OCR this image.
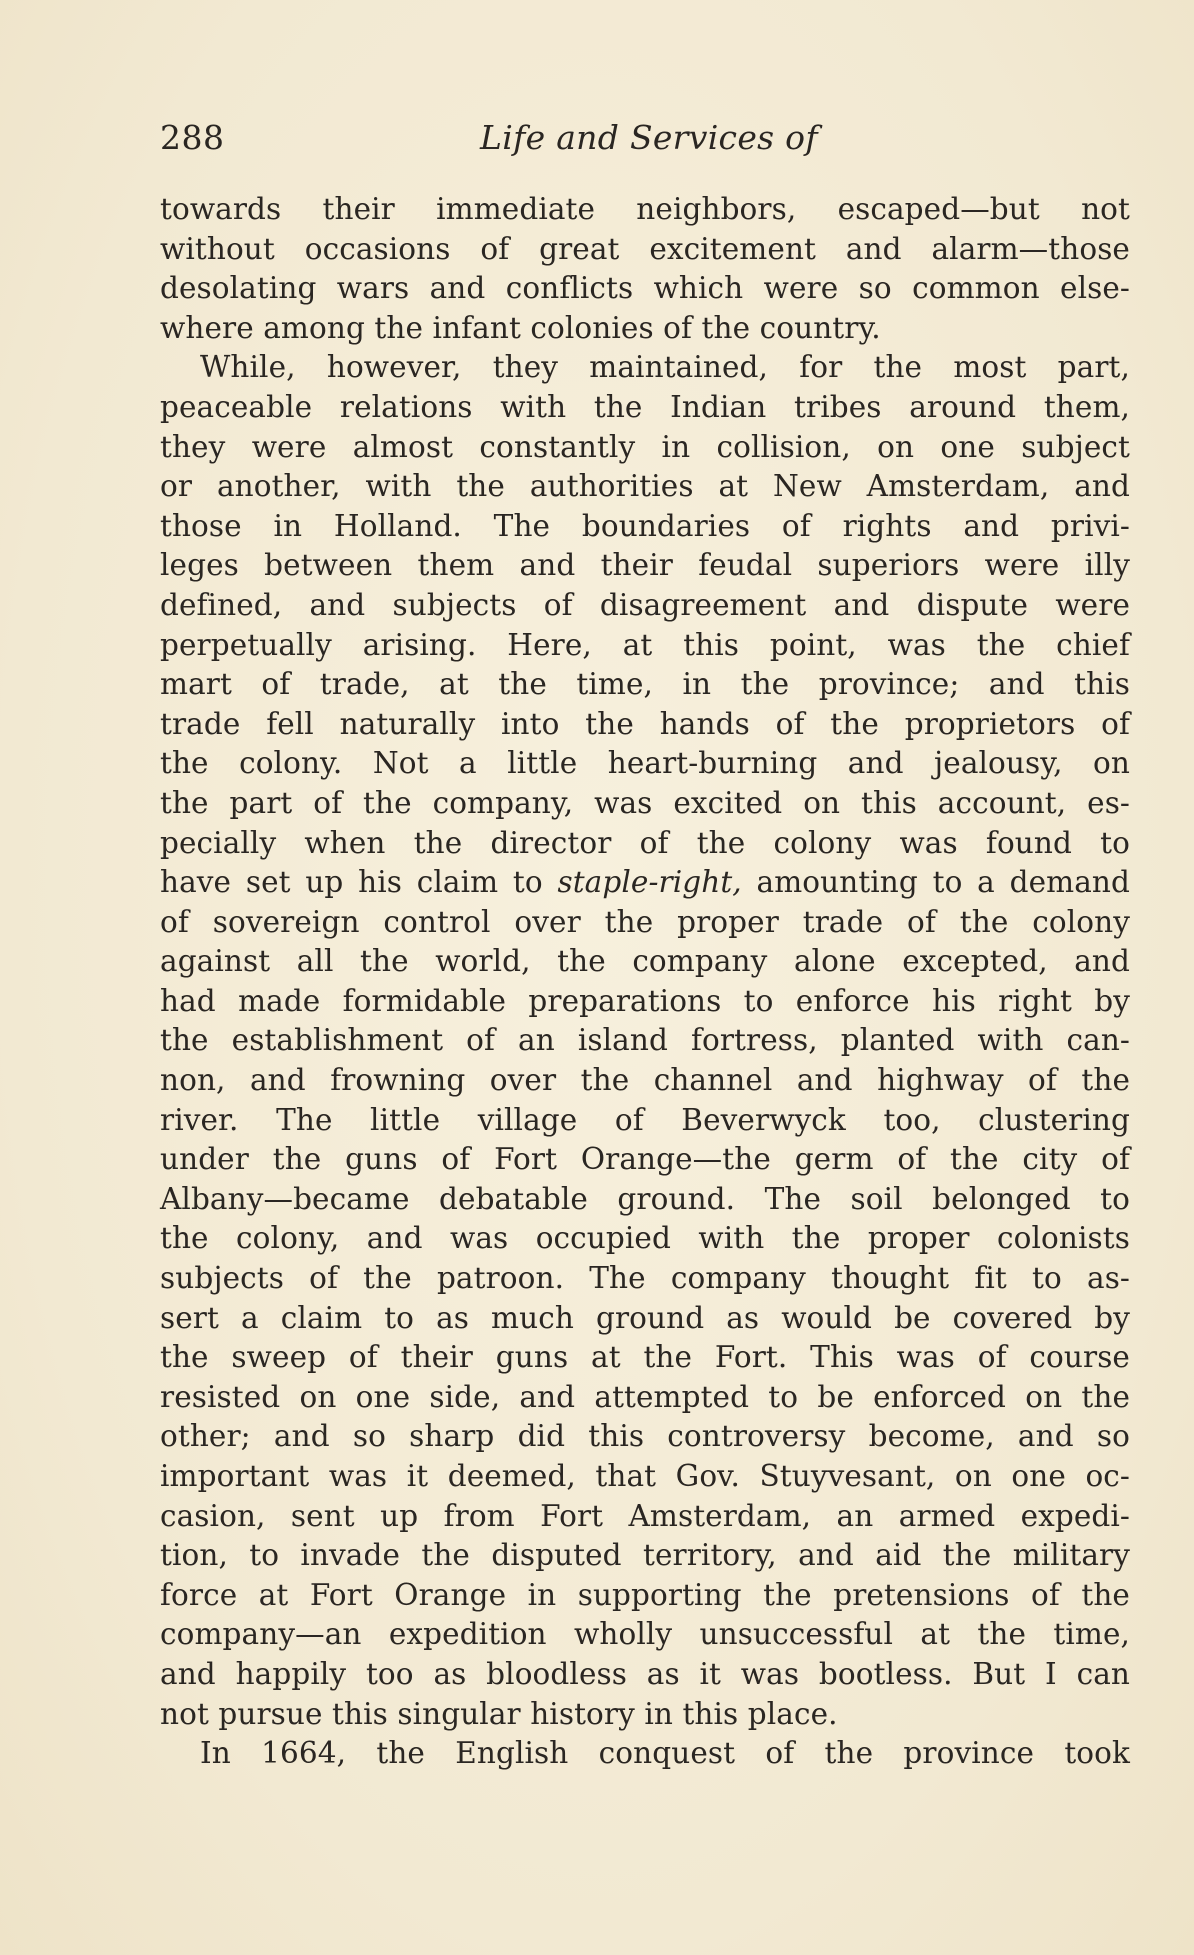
288	Life and Services of
towards their immediate neighbors, escaped—but not
without occasions of great excitement and alarm—those
desolating wars and conflicts which were so common else-
where among the infant colonies of the country.
While, however, they maintained, for the most part,
peaceable relations with the Indian tribes around them,
they were almost constantly in collision, on one subject
or another, with the authorities at New Amsterdam, and
those in Holland. The boundaries of rights and privi-
leges between them and their feudal superiors were illy
defined, and subjects of disagreement and dispute were
perpetually arising. Here, at this point, was the chief
mart of trade, at the time, in the province; and this
trade fell naturally into the hands of the proprietors of
the colony. Not a little heart-burning and jealousy, on
the part of the company, was excited on this account, es-
pecially when the director of the colony was found to
have set up his claim to staple-right, amounting to a demand
of sovereign control over the proper trade of the colony
against all the world, the company alone excepted, and
had made formidable preparations to enforce his right by
the establishment of an island fortress, planted with can-
non, and frowning over the channel and highway of the
river. The little village of Beverwyck too, clustering
under the guns of Fort Orange—the germ of the city of
Albany—became debatable ground. The soil belonged to
the colony, and was occupied with the proper colonists
subjects of the patroon. The company thought fit to as-
sert a claim to as much ground as would be covered by
the sweep of their guns at the Fort. This was of course
resisted on one side, and attempted to be enforced on the
other; and so sharp did this controversy become, and so
important was it deemed, that Gov. Stuyvesant, on one oc-
casion, sent up from Fort Amsterdam, an armed expedi-
tion, to invade the disputed territory, and aid the military
force at Fort Orange in supporting the pretensions of the
company—an expedition wholly unsuccessful at the time,
and happily too as bloodless as it was bootless. But I can
not pursue this singular history in this place.
In 1664, the English conquest of the province took
